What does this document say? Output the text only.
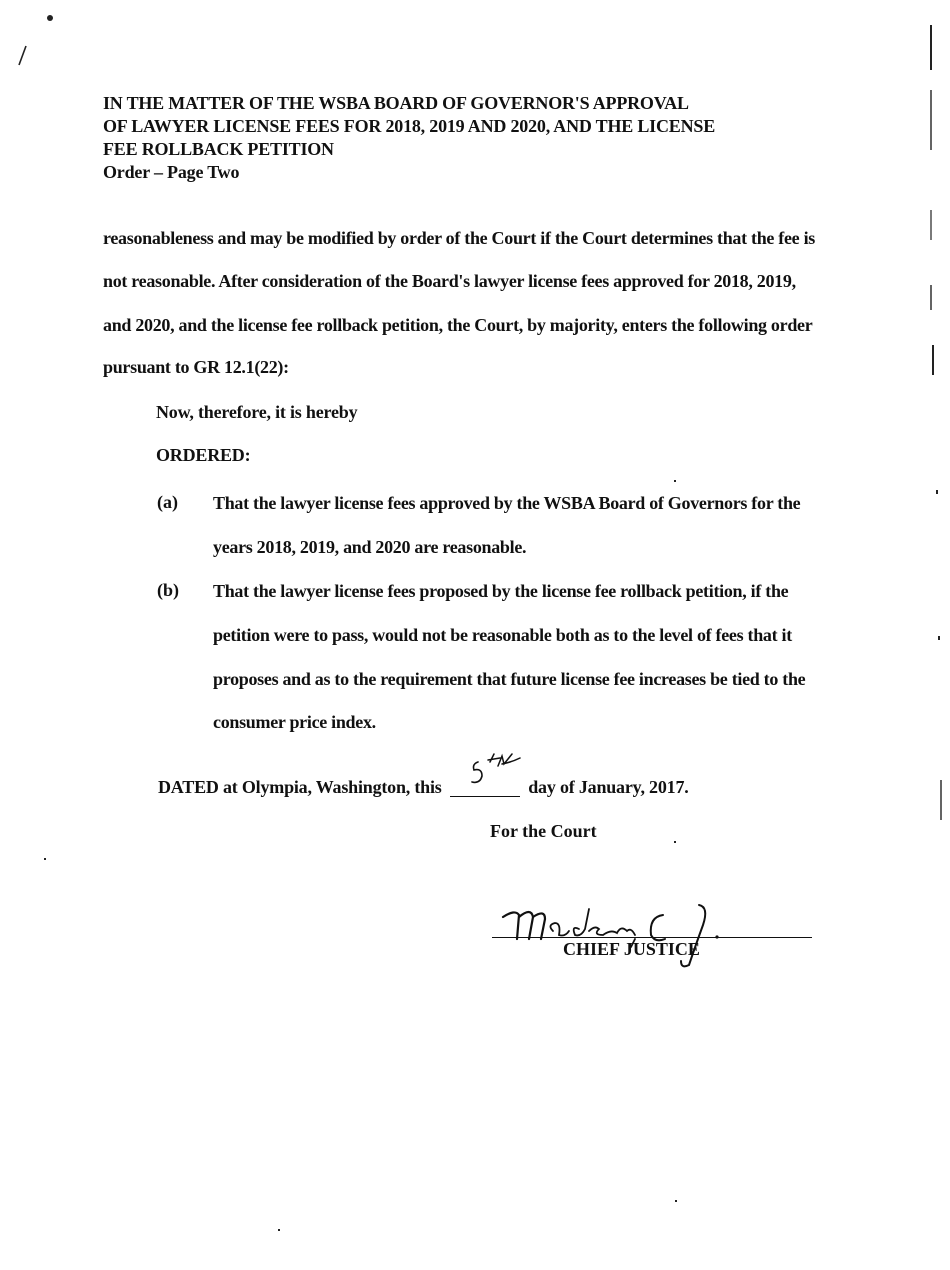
IN THE MATTER OF THE WSBA BOARD OF GOVERNOR'S APPROVAL
OF LAWYER LICENSE FEES FOR 2018, 2019 AND 2020, AND THE LICENSE
FEE ROLLBACK PETITION
Order – Page Two
reasonableness and may be modified by order of the Court if the Court determines that the fee is
not reasonable. After consideration of the Board's lawyer license fees approved for 2018, 2019,
and 2020, and the license fee rollback petition, the Court, by majority, enters the following order
pursuant to GR 12.1(22):
Now, therefore, it is hereby
ORDERED:
(a) That the lawyer license fees approved by the WSBA Board of Governors for the
years 2018, 2019, and 2020 are reasonable.
(b) That the lawyer license fees proposed by the license fee rollback petition, if the
petition were to pass, would not be reasonable both as to the level of fees that it
proposes and as to the requirement that future license fee increases be tied to the
consumer price index.
DATED at Olympia, Washington, this	day of January, 2017.
For the Court
CHIEF JUSTICE
